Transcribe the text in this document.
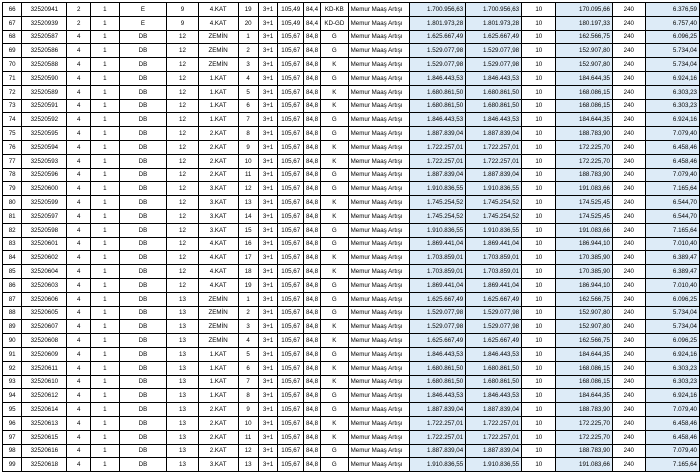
66	32520941	2	1	E	9	4.KAT	19	3+1	105,49	84,4	KD-KB	Memur Maaş Artışı	1.700.956,63	1.700.956,63	10	170.095,66	240	6.376,59
67	32520939	2	1	E	9	4.KAT	20	3+1	105,49	84,4	KD-GD	Memur Maaş Artışı	1.801.973,28	1.801.973,28	10	180.197,33	240	6.757,40
68	32520587	4	1	DB	12	ZEMİN	1	3+1	105,67	84,8	G	Memur Maaş Artışı	1.625.667,49	1.625.667,49	10	162.566,75	240	6.096,25
69	32520586	4	1	DB	12	ZEMİN	2	3+1	105,67	84,8	G	Memur Maaş Artışı	1.529.077,98	1.529.077,98	10	152.907,80	240	5.734,04
70	32520588	4	1	DB	12	ZEMİN	3	3+1	105,67	84,8	K	Memur Maaş Artışı	1.529.077,98	1.529.077,98	10	152.907,80	240	5.734,04
71	32520590	4	1	DB	12	1.KAT	4	3+1	105,67	84,8	G	Memur Maaş Artışı	1.846.443,53	1.846.443,53	10	184.644,35	240	6.924,16
72	32520589	4	1	DB	12	1.KAT	5	3+1	105,67	84,8	K	Memur Maaş Artışı	1.680.861,50	1.680.861,50	10	168.086,15	240	6.303,23
73	32520591	4	1	DB	12	1.KAT	6	3+1	105,67	84,8	K	Memur Maaş Artışı	1.680.861,50	1.680.861,50	10	168.086,15	240	6.303,23
74	32520592	4	1	DB	12	1.KAT	7	3+1	105,67	84,8	G	Memur Maaş Artışı	1.846.443,53	1.846.443,53	10	184.644,35	240	6.924,16
75	32520595	4	1	DB	12	2.KAT	8	3+1	105,67	84,8	G	Memur Maaş Artışı	1.887.839,04	1.887.839,04	10	188.783,90	240	7.079,40
76	32520594	4	1	DB	12	2.KAT	9	3+1	105,67	84,8	K	Memur Maaş Artışı	1.722.257,01	1.722.257,01	10	172.225,70	240	6.458,46
77	32520593	4	1	DB	12	2.KAT	10	3+1	105,67	84,8	K	Memur Maaş Artışı	1.722.257,01	1.722.257,01	10	172.225,70	240	6.458,46
78	32520596	4	1	DB	12	2.KAT	11	3+1	105,67	84,8	G	Memur Maaş Artışı	1.887.839,04	1.887.839,04	10	188.783,90	240	7.079,40
79	32520600	4	1	DB	12	3.KAT	12	3+1	105,67	84,8	G	Memur Maaş Artışı	1.910.836,55	1.910.836,55	10	191.083,66	240	7.165,64
80	32520599	4	1	DB	12	3.KAT	13	3+1	105,67	84,8	K	Memur Maaş Artışı	1.745.254,52	1.745.254,52	10	174.525,45	240	6.544,70
81	32520597	4	1	DB	12	3.KAT	14	3+1	105,67	84,8	K	Memur Maaş Artışı	1.745.254,52	1.745.254,52	10	174.525,45	240	6.544,70
82	32520598	4	1	DB	12	3.KAT	15	3+1	105,67	84,8	G	Memur Maaş Artışı	1.910.836,55	1.910.836,55	10	191.083,66	240	7.165,64
83	32520601	4	1	DB	12	4.KAT	16	3+1	105,67	84,8	G	Memur Maaş Artışı	1.869.441,04	1.869.441,04	10	186.944,10	240	7.010,40
84	32520602	4	1	DB	12	4.KAT	17	3+1	105,67	84,8	K	Memur Maaş Artışı	1.703.859,01	1.703.859,01	10	170.385,90	240	6.389,47
85	32520604	4	1	DB	12	4.KAT	18	3+1	105,67	84,8	K	Memur Maaş Artışı	1.703.859,01	1.703.859,01	10	170.385,90	240	6.389,47
86	32520603	4	1	DB	12	4.KAT	19	3+1	105,67	84,8	G	Memur Maaş Artışı	1.869.441,04	1.869.441,04	10	186.944,10	240	7.010,40
87	32520606	4	1	DB	13	ZEMİN	1	3+1	105,67	84,8	G	Memur Maaş Artışı	1.625.667,49	1.625.667,49	10	162.566,75	240	6.096,25
88	32520605	4	1	DB	13	ZEMİN	2	3+1	105,67	84,8	G	Memur Maaş Artışı	1.529.077,98	1.529.077,98	10	152.907,80	240	5.734,04
89	32520607	4	1	DB	13	ZEMİN	3	3+1	105,67	84,8	K	Memur Maaş Artışı	1.529.077,98	1.529.077,98	10	152.907,80	240	5.734,04
90	32520608	4	1	DB	13	ZEMİN	4	3+1	105,67	84,8	K	Memur Maaş Artışı	1.625.667,49	1.625.667,49	10	162.566,75	240	6.096,25
91	32520609	4	1	DB	13	1.KAT	5	3+1	105,67	84,8	G	Memur Maaş Artışı	1.846.443,53	1.846.443,53	10	184.644,35	240	6.924,16
92	32520611	4	1	DB	13	1.KAT	6	3+1	105,67	84,8	K	Memur Maaş Artışı	1.680.861,50	1.680.861,50	10	168.086,15	240	6.303,23
93	32520610	4	1	DB	13	1.KAT	7	3+1	105,67	84,8	K	Memur Maaş Artışı	1.680.861,50	1.680.861,50	10	168.086,15	240	6.303,23
94	32520612	4	1	DB	13	1.KAT	8	3+1	105,67	84,8	G	Memur Maaş Artışı	1.846.443,53	1.846.443,53	10	184.644,35	240	6.924,16
95	32520614	4	1	DB	13	2.KAT	9	3+1	105,67	84,8	G	Memur Maaş Artışı	1.887.839,04	1.887.839,04	10	188.783,90	240	7.079,40
96	32520613	4	1	DB	13	2.KAT	10	3+1	105,67	84,8	K	Memur Maaş Artışı	1.722.257,01	1.722.257,01	10	172.225,70	240	6.458,46
97	32520615	4	1	DB	13	2.KAT	11	3+1	105,67	84,8	K	Memur Maaş Artışı	1.722.257,01	1.722.257,01	10	172.225,70	240	6.458,46
98	32520616	4	1	DB	13	2.KAT	12	3+1	105,67	84,8	G	Memur Maaş Artışı	1.887.839,04	1.887.839,04	10	188.783,90	240	7.079,40
99	32520618	4	1	DB	13	3.KAT	13	3+1	105,67	84,8	G	Memur Maaş Artışı	1.910.836,55	1.910.836,55	10	191.083,66	240	7.165,64
